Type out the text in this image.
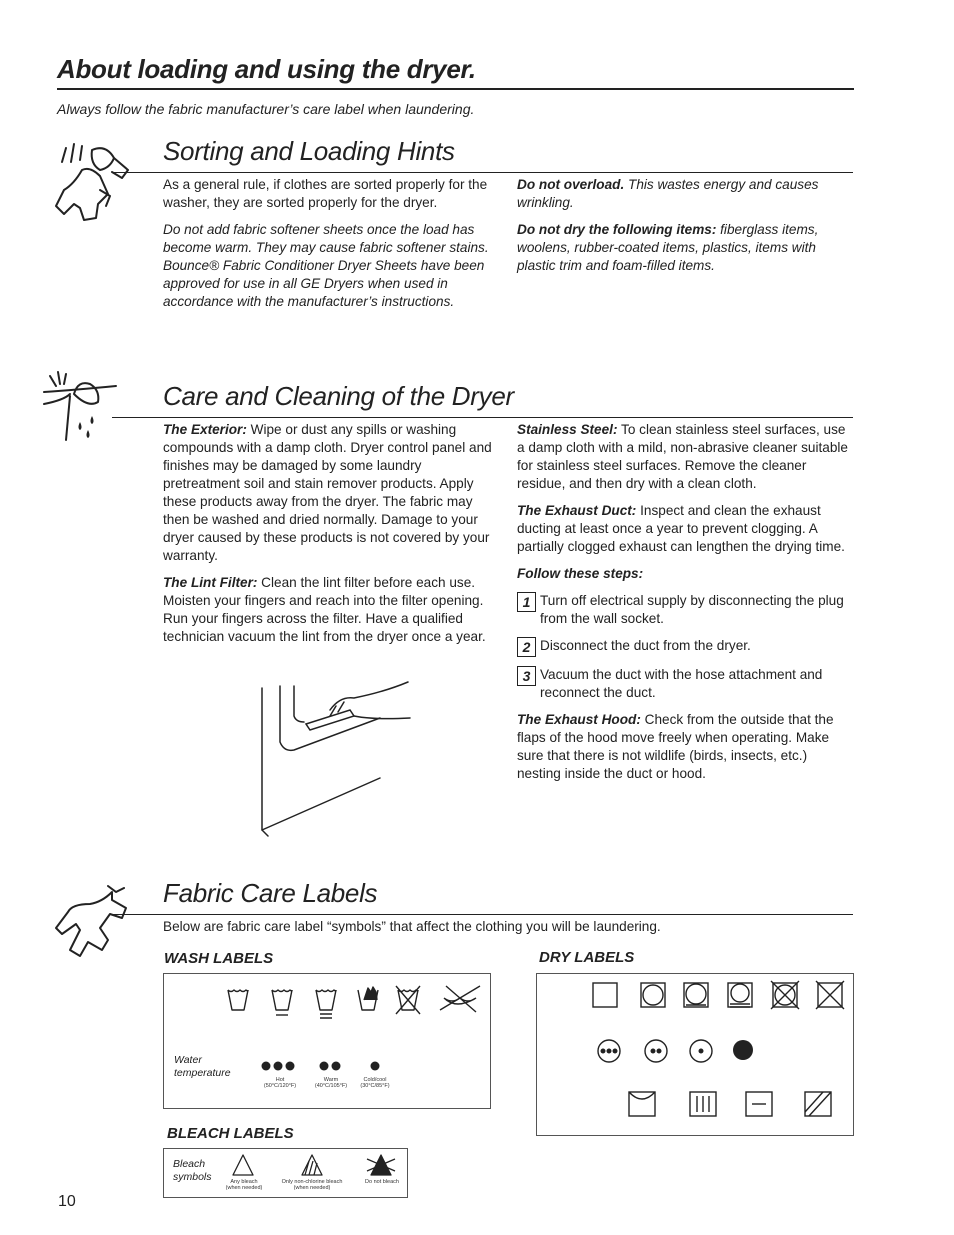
About loading and using the dryer.
Always follow the fabric manufacturer’s care label when laundering.
Sorting and Loading Hints

As a general rule, if clothes are sorted properly for the washer, they are sorted properly for the dryer.

Do not add fabric softener sheets once the load has become warm. They may cause fabric softener stains. Bounce® Fabric Conditioner Dryer Sheets have been approved for use in all GE Dryers when used in accordance with the manufacturer’s instructions.

Do not overload. This wastes energy and causes wrinkling.

Do not dry the following items: fiberglass items, woolens, rubber-coated items, plastics, items with plastic trim and foam-filled items.

Care and Cleaning of the Dryer

The Exterior: Wipe or dust any spills or washing compounds with a damp cloth. Dryer control panel and finishes may be damaged by some laundry pretreatment soil and stain remover products. Apply these products away from the dryer. The fabric may then be washed and dried normally. Damage to your dryer caused by these products is not covered by your warranty.

The Lint Filter: Clean the lint filter before each use. Moisten your fingers and reach into the filter opening. Run your fingers across the filter. Have a qualified technician vacuum the lint from the dryer once a year.

Stainless Steel: To clean stainless steel surfaces, use a damp cloth with a mild, non-abrasive cleaner suitable for stainless steel surfaces. Remove the cleaner residue, and then dry with a clean cloth.

The Exhaust Duct: Inspect and clean the exhaust ducting at least once a year to prevent clogging. A partially clogged exhaust can lengthen the drying time.

Follow these steps:

1 Turn off electrical supply by disconnecting the plug from the wall socket.
2 Disconnect the duct from the dryer.
3 Vacuum the duct with the hose attachment and reconnect the duct.

The Exhaust Hood: Check from the outside that the flaps of the hood move freely when operating. Make sure that there is not wildlife (birds, insects, etc.) nesting inside the duct or hood.

Fabric Care Labels
Below are fabric care label “symbols” that affect the clothing you will be laundering.
WASH LABELS	DRY LABELS
Water
temperature
Hot
(50°C/120°F)
Warm
(40°C/105°F)
Cold/cool
(30°C/85°F)
BLEACH LABELS
Bleach
symbols	Any bleach
(when needed)
Only non-chlorine bleach
(when needed)
Do not bleach
10
